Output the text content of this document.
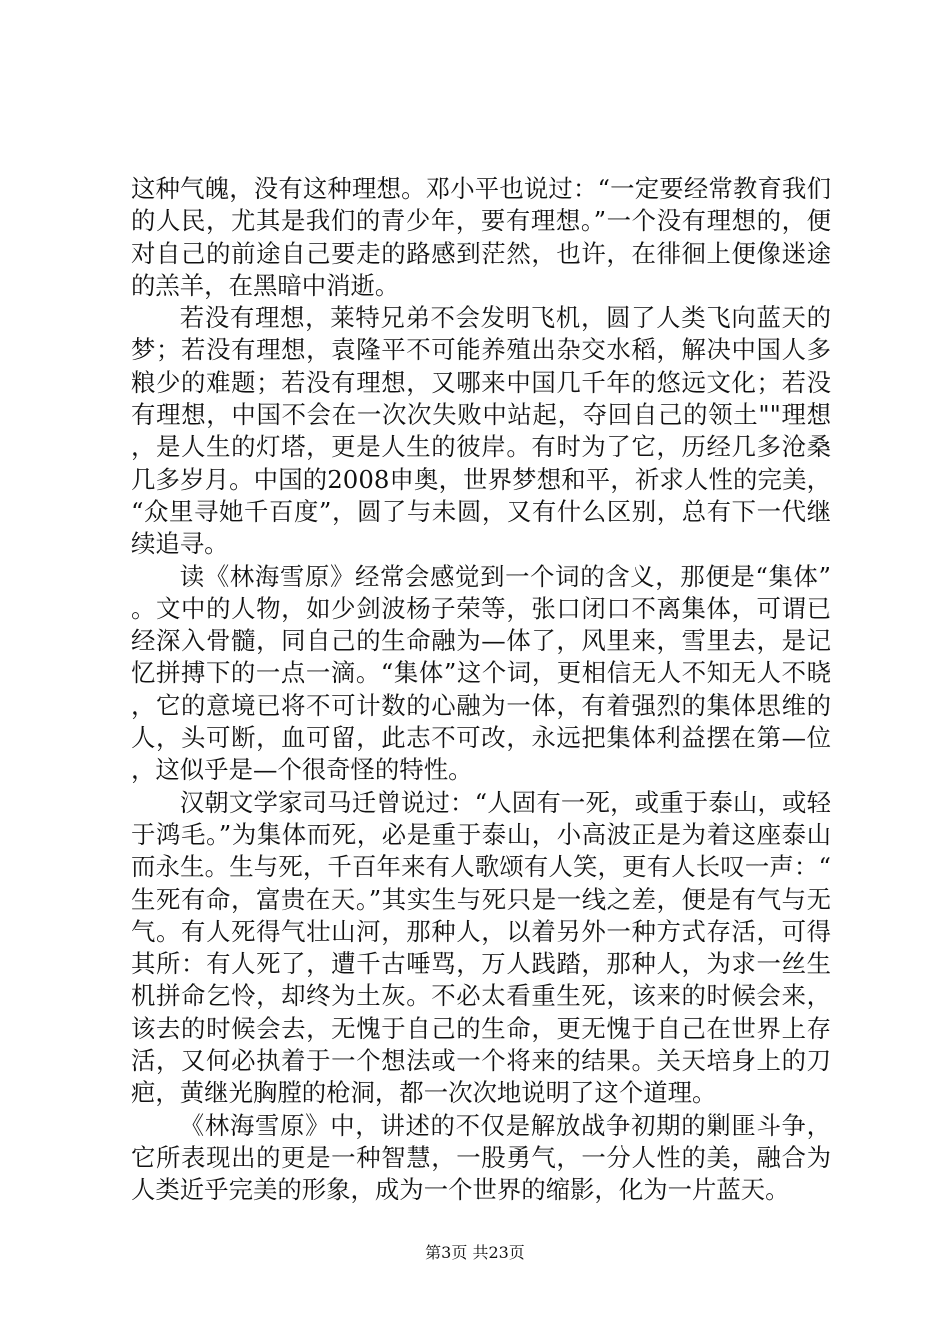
这种气魄，没有这种理想。邓小平也说过：“一定要经常教育我们的人民，尤其是我们的青少年，要有理想。”一个没有理想的，便对自己的前途自己要走的路感到茫然，也许，在徘徊上便像迷途的羔羊，在黑暗中消逝。

若没有理想，莱特兄弟不会发明飞机，圆了人类飞向蓝天的梦；若没有理想，袁隆平不可能养殖出杂交水稻，解决中国人多粮少的难题；若没有理想，又哪来中国几千年的悠远文化；若没有理想，中国不会在一次次失败中站起，夺回自己的领土""理想，是人生的灯塔，更是人生的彼岸。有时为了它，历经几多沧桑几多岁月。中国的2008申奥，世界梦想和平，祈求人性的完美，“众里寻她千百度”，圆了与未圆，又有什么区别，总有下一代继续追寻。

读《林海雪原》经常会感觉到一个词的含义，那便是“集体”。文中的人物，如少剑波杨子荣等，张口闭口不离集体，可谓已经深入骨髓，同自己的生命融为—体了，风里来，雪里去，是记忆拼搏下的一点一滴。“集体”这个词，更相信无人不知无人不晓，它的意境已将不可计数的心融为一体，有着强烈的集体思维的人，头可断，血可留，此志不可改，永远把集体利益摆在第—位，这似乎是—个很奇怪的特性。

汉朝文学家司马迁曾说过：“人固有一死，或重于泰山，或轻于鸿毛。”为集体而死，必是重于泰山，小高波正是为着这座泰山而永生。生与死，千百年来有人歌颂有人笑，更有人长叹一声：“生死有命，富贵在天。”其实生与死只是一线之差，便是有气与无气。有人死得气壮山河，那种人，以着另外一种方式存活，可得其所：有人死了，遭千古唾骂，万人践踏，那种人，为求一丝生机拼命乞怜，却终为土灰。不必太看重生死，该来的时候会来，该去的时候会去，无愧于自己的生命，更无愧于自己在世界上存活，又何必执着于一个想法或一个将来的结果。关天培身上的刀疤，黄继光胸膛的枪洞，都一次次地说明了这个道理。

《林海雪原》中，讲述的不仅是解放战争初期的剿匪斗争，它所表现出的更是一种智慧，一股勇气，一分人性的美，融合为人类近乎完美的形象，成为一个世界的缩影，化为一片蓝天。

第3页 共23页
